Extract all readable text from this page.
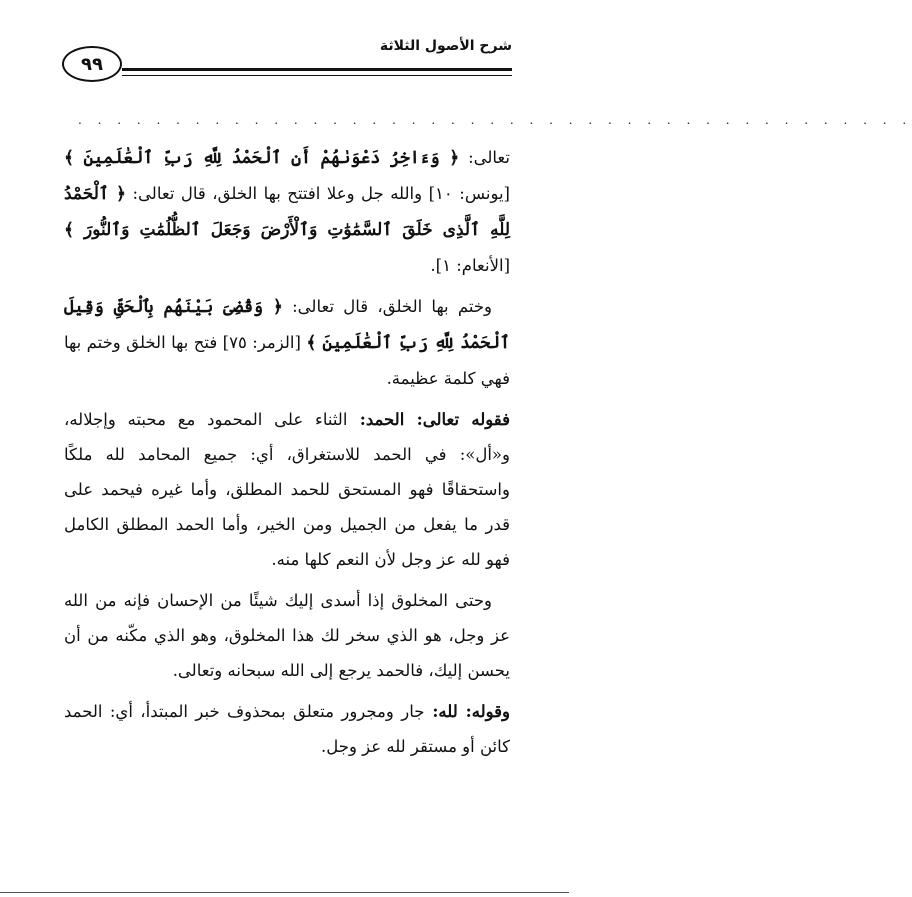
٩٩
شرح الأصول الثلاثة
. . . . . . . . . . . . . . . . . . . . . . . . . . . . . . . . . . . . . . . . . . .

تعالى: ﴿ وَءَاخِرُ دَعْوَىٰهُمْ أَنِ ٱلْحَمْدُ لِلَّهِ رَبِّ ٱلْعَٰلَمِينَ ﴾ [يونس: ١٠] والله جل وعلا افتتح بها الخلق، قال تعالى: ﴿ ٱلْحَمْدُ لِلَّهِ ٱلَّذِى خَلَقَ ٱلسَّمَٰوَٰتِ وَٱلْأَرْضَ وَجَعَلَ ٱلظُّلُمَٰتِ وَٱلنُّورَ ﴾ [الأنعام: ١].

وختم بها الخلق، قال تعالى: ﴿ وَقُضِىَ بَيْنَهُم بِٱلْحَقِّ وَقِيلَ ٱلْحَمْدُ لِلَّهِ رَبِّ ٱلْعَٰلَمِينَ ﴾ [الزمر: ٧٥] فتح بها الخلق وختم بها فهي كلمة عظيمة.

فقوله تعالى: الحمد: الثناء على المحمود مع محبته وإجلاله، و«أل»: في الحمد للاستغراق، أي: جميع المحامد لله ملكًا واستحقاقًا فهو المستحق للحمد المطلق، وأما غيره فيحمد على قدر ما يفعل من الجميل ومن الخير، وأما الحمد المطلق الكامل فهو لله عز وجل لأن النعم كلها منه.

وحتى المخلوق إذا أسدى إليك شيئًا من الإحسان فإنه من الله عز وجل، هو الذي سخر لك هذا المخلوق، وهو الذي مكّنه من أن يحسن إليك، فالحمد يرجع إلى الله سبحانه وتعالى.

وقوله: لله: جار ومجرور متعلق بمحذوف خبر المبتدأ، أي: الحمد كائن أو مستقر لله عز وجل.
